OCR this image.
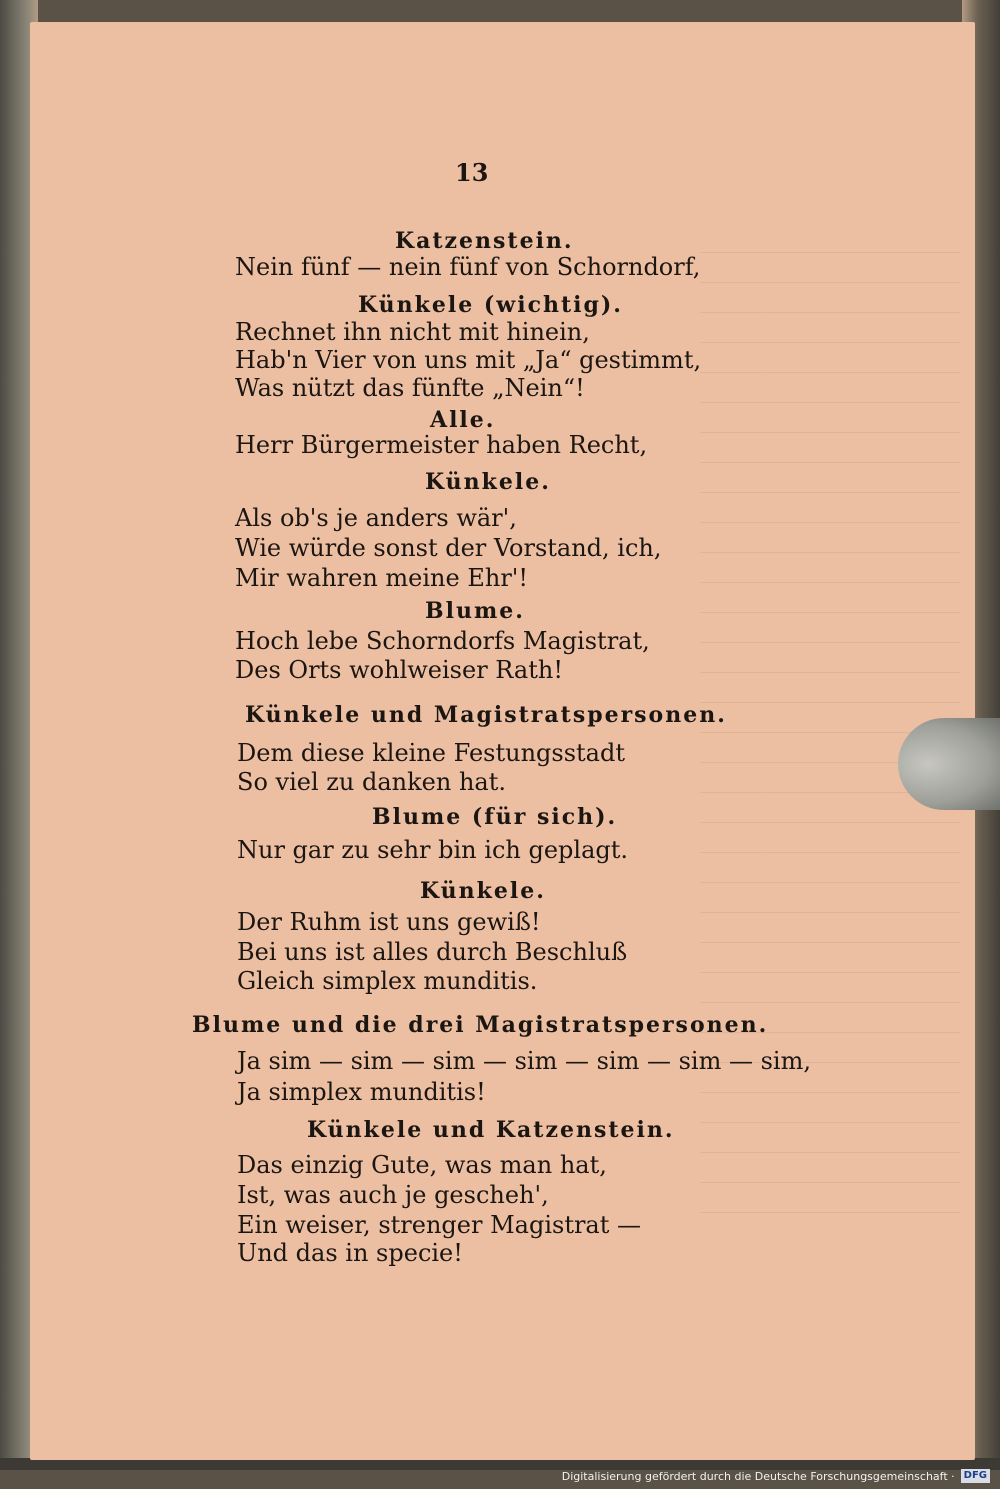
13
Katzenstein.
Nein fünf — nein fünf von Schorndorf,
Künkele (wichtig).
Rechnet ihn nicht mit hinein,
Hab'n Vier von uns mit „Ja“ gestimmt,
Was nützt das fünfte „Nein“!
Alle.
Herr Bürgermeister haben Recht,
Künkele.
Als ob's je anders wär',
Wie würde sonst der Vorstand, ich,
Mir wahren meine Ehr'!
Blume.
Hoch lebe Schorndorfs Magistrat,
Des Orts wohlweiser Rath!
Künkele und Magistratspersonen.
Dem diese kleine Festungsstadt
So viel zu danken hat.
Blume (für sich).
Nur gar zu sehr bin ich geplagt.
Künkele.
Der Ruhm ist uns gewiß!
Bei uns ist alles durch Beschluß
Gleich simplex munditis.
Blume und die drei Magistratspersonen.
Ja sim — sim — sim — sim — sim — sim — sim,
Ja simplex munditis!
Künkele und Katzenstein.
Das einzig Gute, was man hat,
Ist, was auch je gescheh',
Ein weiser, strenger Magistrat —
Und das in specie!
Digitalisierung gefördert durch die Deutsche Forschungsgemeinschaft · DFG
